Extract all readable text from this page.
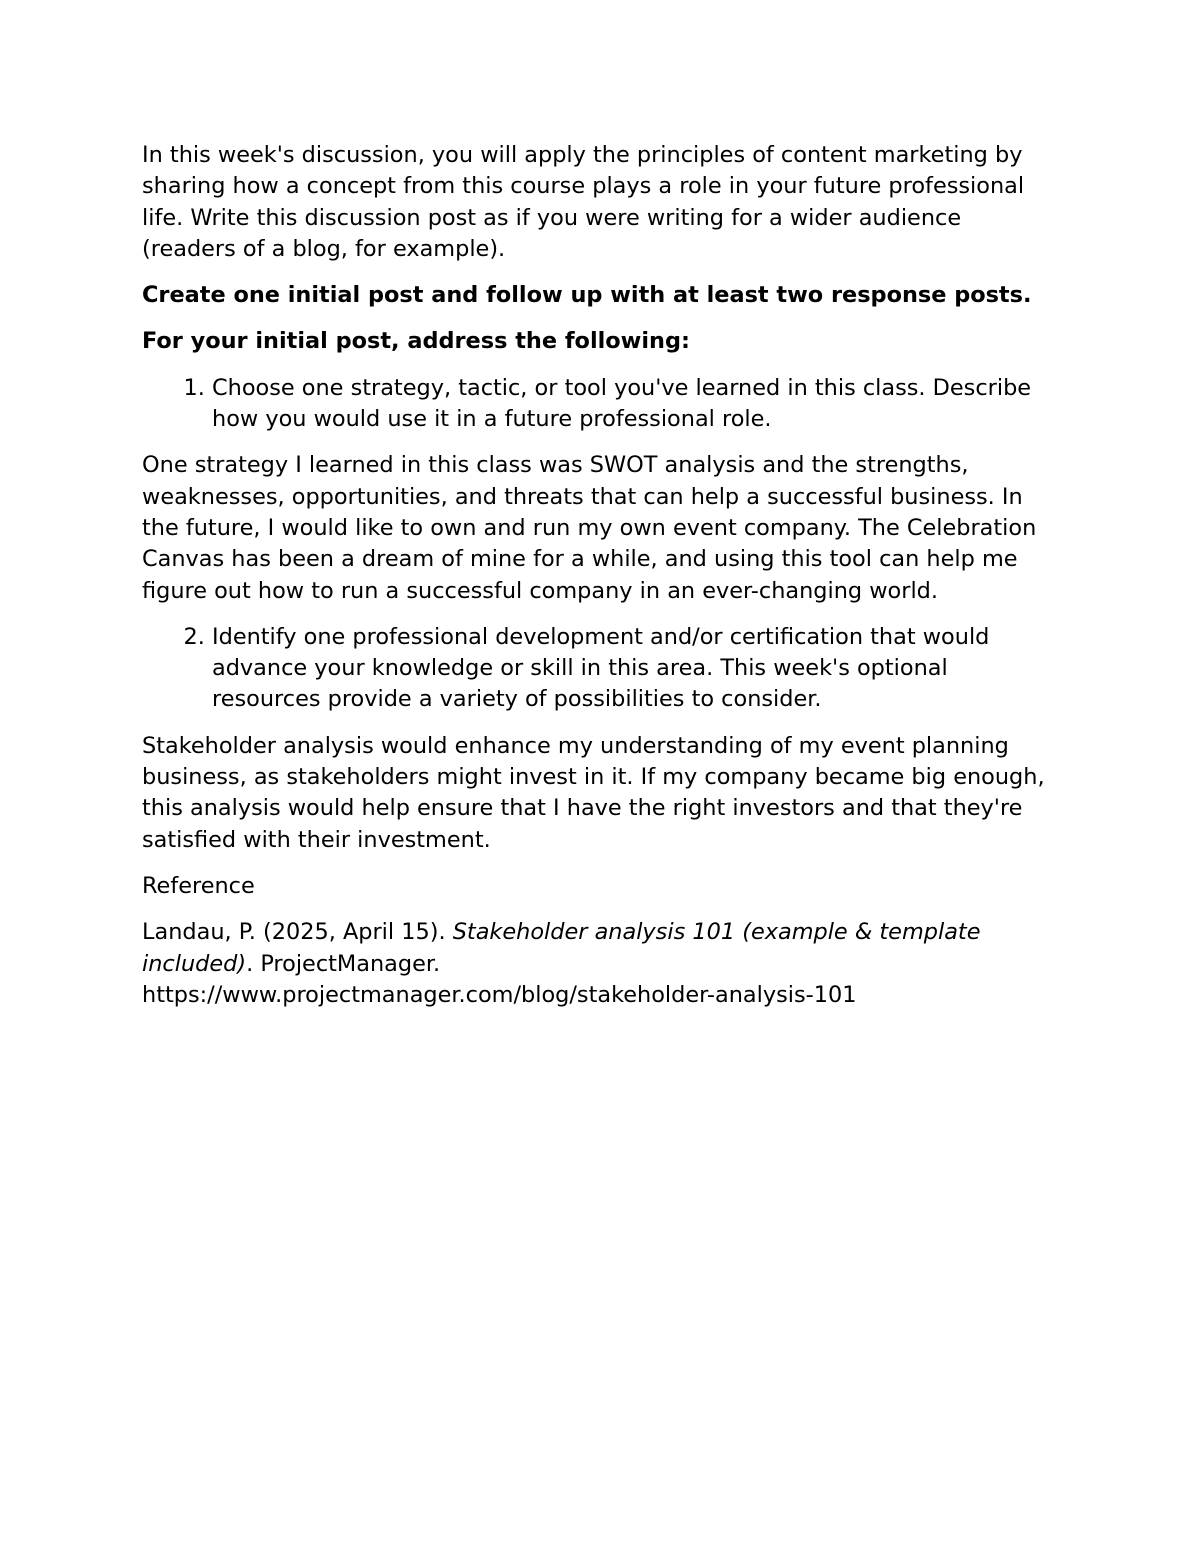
In this week's discussion, you will apply the principles of content marketing by sharing how a concept from this course plays a role in your future professional life. Write this discussion post as if you were writing for a wider audience (readers of a blog, for example).

Create one initial post and follow up with at least two response posts.

For your initial post, address the following:

1. Choose one strategy, tactic, or tool you've learned in this class. Describe how you would use it in a future professional role.

One strategy I learned in this class was SWOT analysis and the strengths, weaknesses, opportunities, and threats that can help a successful business. In the future, I would like to own and run my own event company. The Celebration Canvas has been a dream of mine for a while, and using this tool can help me figure out how to run a successful company in an ever-changing world.

2. Identify one professional development and/or certification that would advance your knowledge or skill in this area. This week's optional resources provide a variety of possibilities to consider.

Stakeholder analysis would enhance my understanding of my event planning business, as stakeholders might invest in it. If my company became big enough, this analysis would help ensure that I have the right investors and that they're satisfied with their investment.

Reference

Landau, P. (2025, April 15). Stakeholder analysis 101 (example & template included). ProjectManager.

https://www.projectmanager.com/blog/stakeholder-analysis-101
